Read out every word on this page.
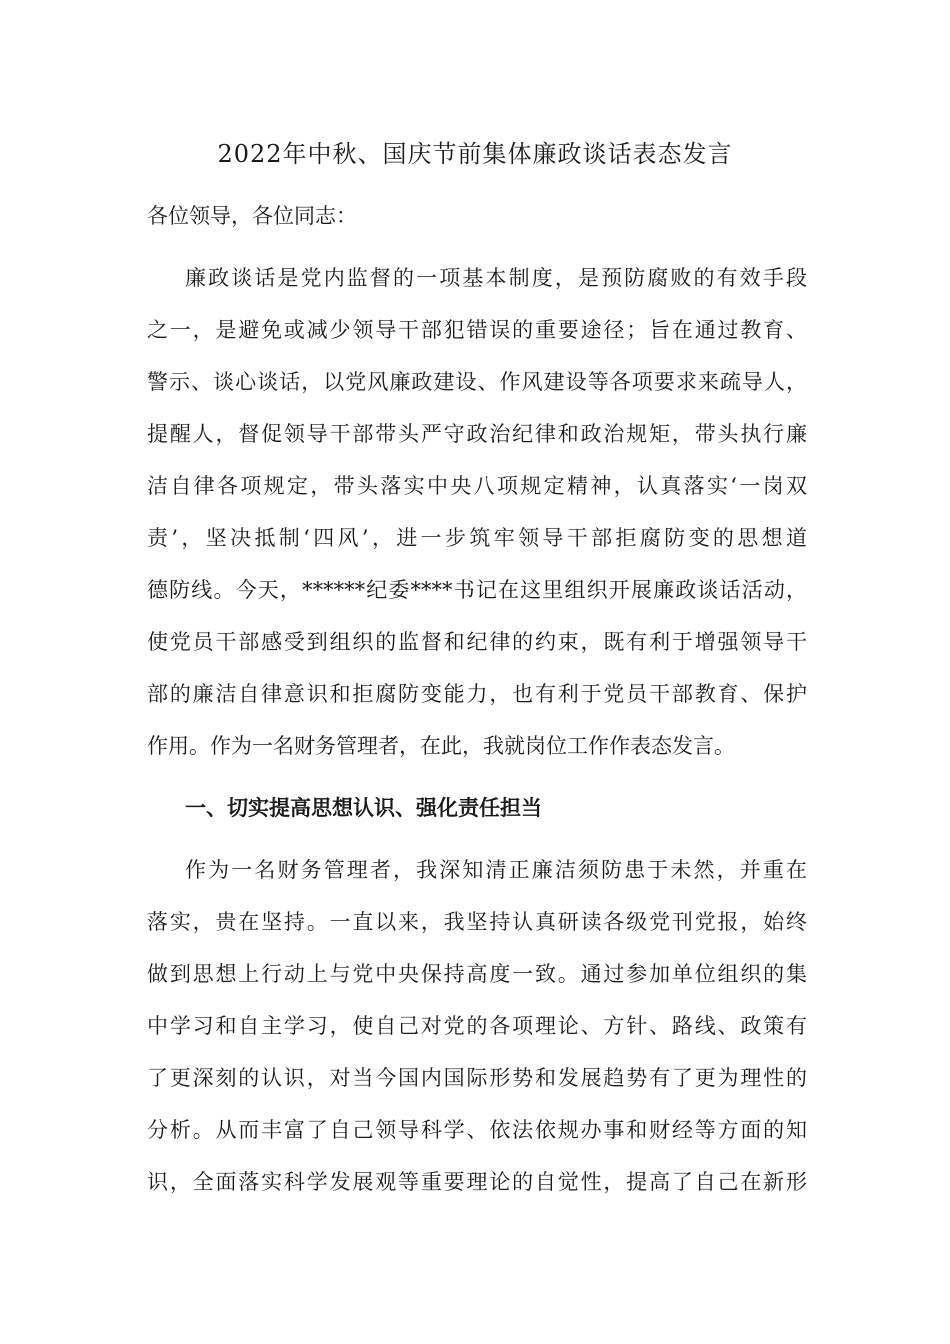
2022年中秋、国庆节前集体廉政谈话表态发言
各位领导，各位同志：
廉政谈话是党内监督的一项基本制度，是预防腐败的有效手段
之一，是避免或减少领导干部犯错误的重要途径；旨在通过教育、
警示、谈心谈话，以党风廉政建设、作风建设等各项要求来疏导人，
提醒人，督促领导干部带头严守政治纪律和政治规矩，带头执行廉
洁自律各项规定，带头落实中央八项规定精神，认真落实‘一岗双
责’，坚决抵制‘四风’，进一步筑牢领导干部拒腐防变的思想道
德防线。今天，******纪委****书记在这里组织开展廉政谈话活动，
使党员干部感受到组织的监督和纪律的约束，既有利于增强领导干
部的廉洁自律意识和拒腐防变能力，也有利于党员干部教育、保护
作用。作为一名财务管理者，在此，我就岗位工作作表态发言。
一、切实提高思想认识、强化责任担当
作为一名财务管理者，我深知清正廉洁须防患于未然，并重在
落实，贵在坚持。一直以来，我坚持认真研读各级党刊党报，始终
做到思想上行动上与党中央保持高度一致。通过参加单位组织的集
中学习和自主学习，使自己对党的各项理论、方针、路线、政策有
了更深刻的认识，对当今国内国际形势和发展趋势有了更为理性的
分析。从而丰富了自己领导科学、依法依规办事和财经等方面的知
识，全面落实科学发展观等重要理论的自觉性，提高了自己在新形
